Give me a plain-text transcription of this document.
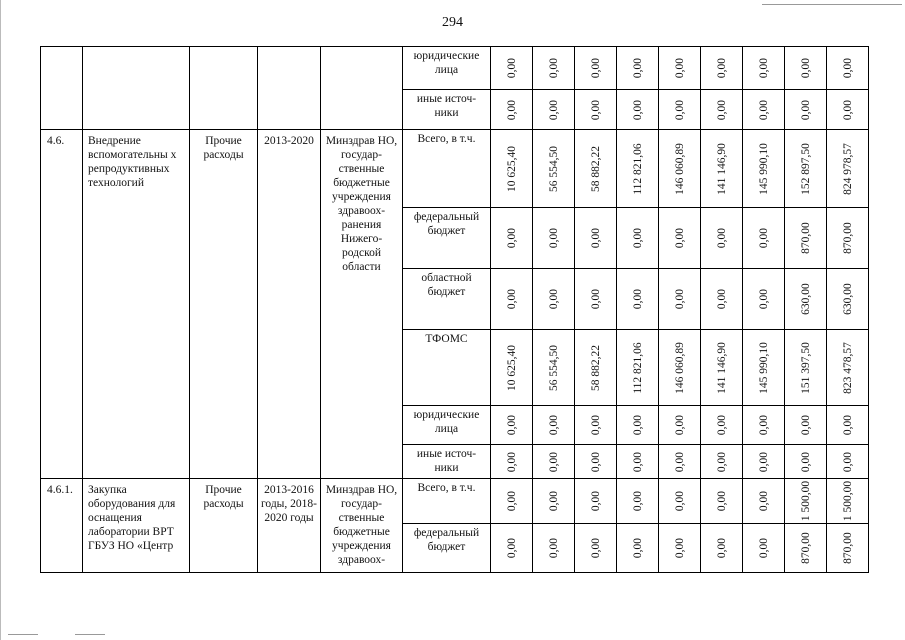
294
					юридические лица	0,00	0,00	0,00	0,00	0,00	0,00	0,00	0,00	0,00

					иные источ-ники	0,00	0,00	0,00	0,00	0,00	0,00	0,00	0,00	0,00

4.6.	Внедрение вспомогательны х репродуктивных технологий	Прочие расходы	2013-2020	Минздрав НО, государ-ственные бюджетные учреждения здравоох-ранения Нижего-родской области	Всего, в т.ч.	10 625,40	56 554,50	58 882,22	112 821,06	146 060,89	141 146,90	145 990,10	152 897,50	824 978,57

					федеральный бюджет	0,00	0,00	0,00	0,00	0,00	0,00	0,00	870,00	870,00

					областной бюджет	0,00	0,00	0,00	0,00	0,00	0,00	0,00	630,00	630,00

					ТФОМС	10 625,40	56 554,50	58 882,22	112 821,06	146 060,89	141 146,90	145 990,10	151 397,50	823 478,57

					юридические лица	0,00	0,00	0,00	0,00	0,00	0,00	0,00	0,00	0,00

					иные источ-ники	0,00	0,00	0,00	0,00	0,00	0,00	0,00	0,00	0,00

4.6.1.	Закупка оборудования для оснащения лаборатории ВРТ ГБУЗ НО «Центр	Прочие расходы	2013-2016 годы, 2018-2020 годы	Минздрав НО, государ-ственные бюджетные учреждения здравоох-	Всего, в т.ч.	0,00	0,00	0,00	0,00	0,00	0,00	0,00	1 500,00	1 500,00

					федеральный бюджет	0,00	0,00	0,00	0,00	0,00	0,00	0,00	870,00	870,00
